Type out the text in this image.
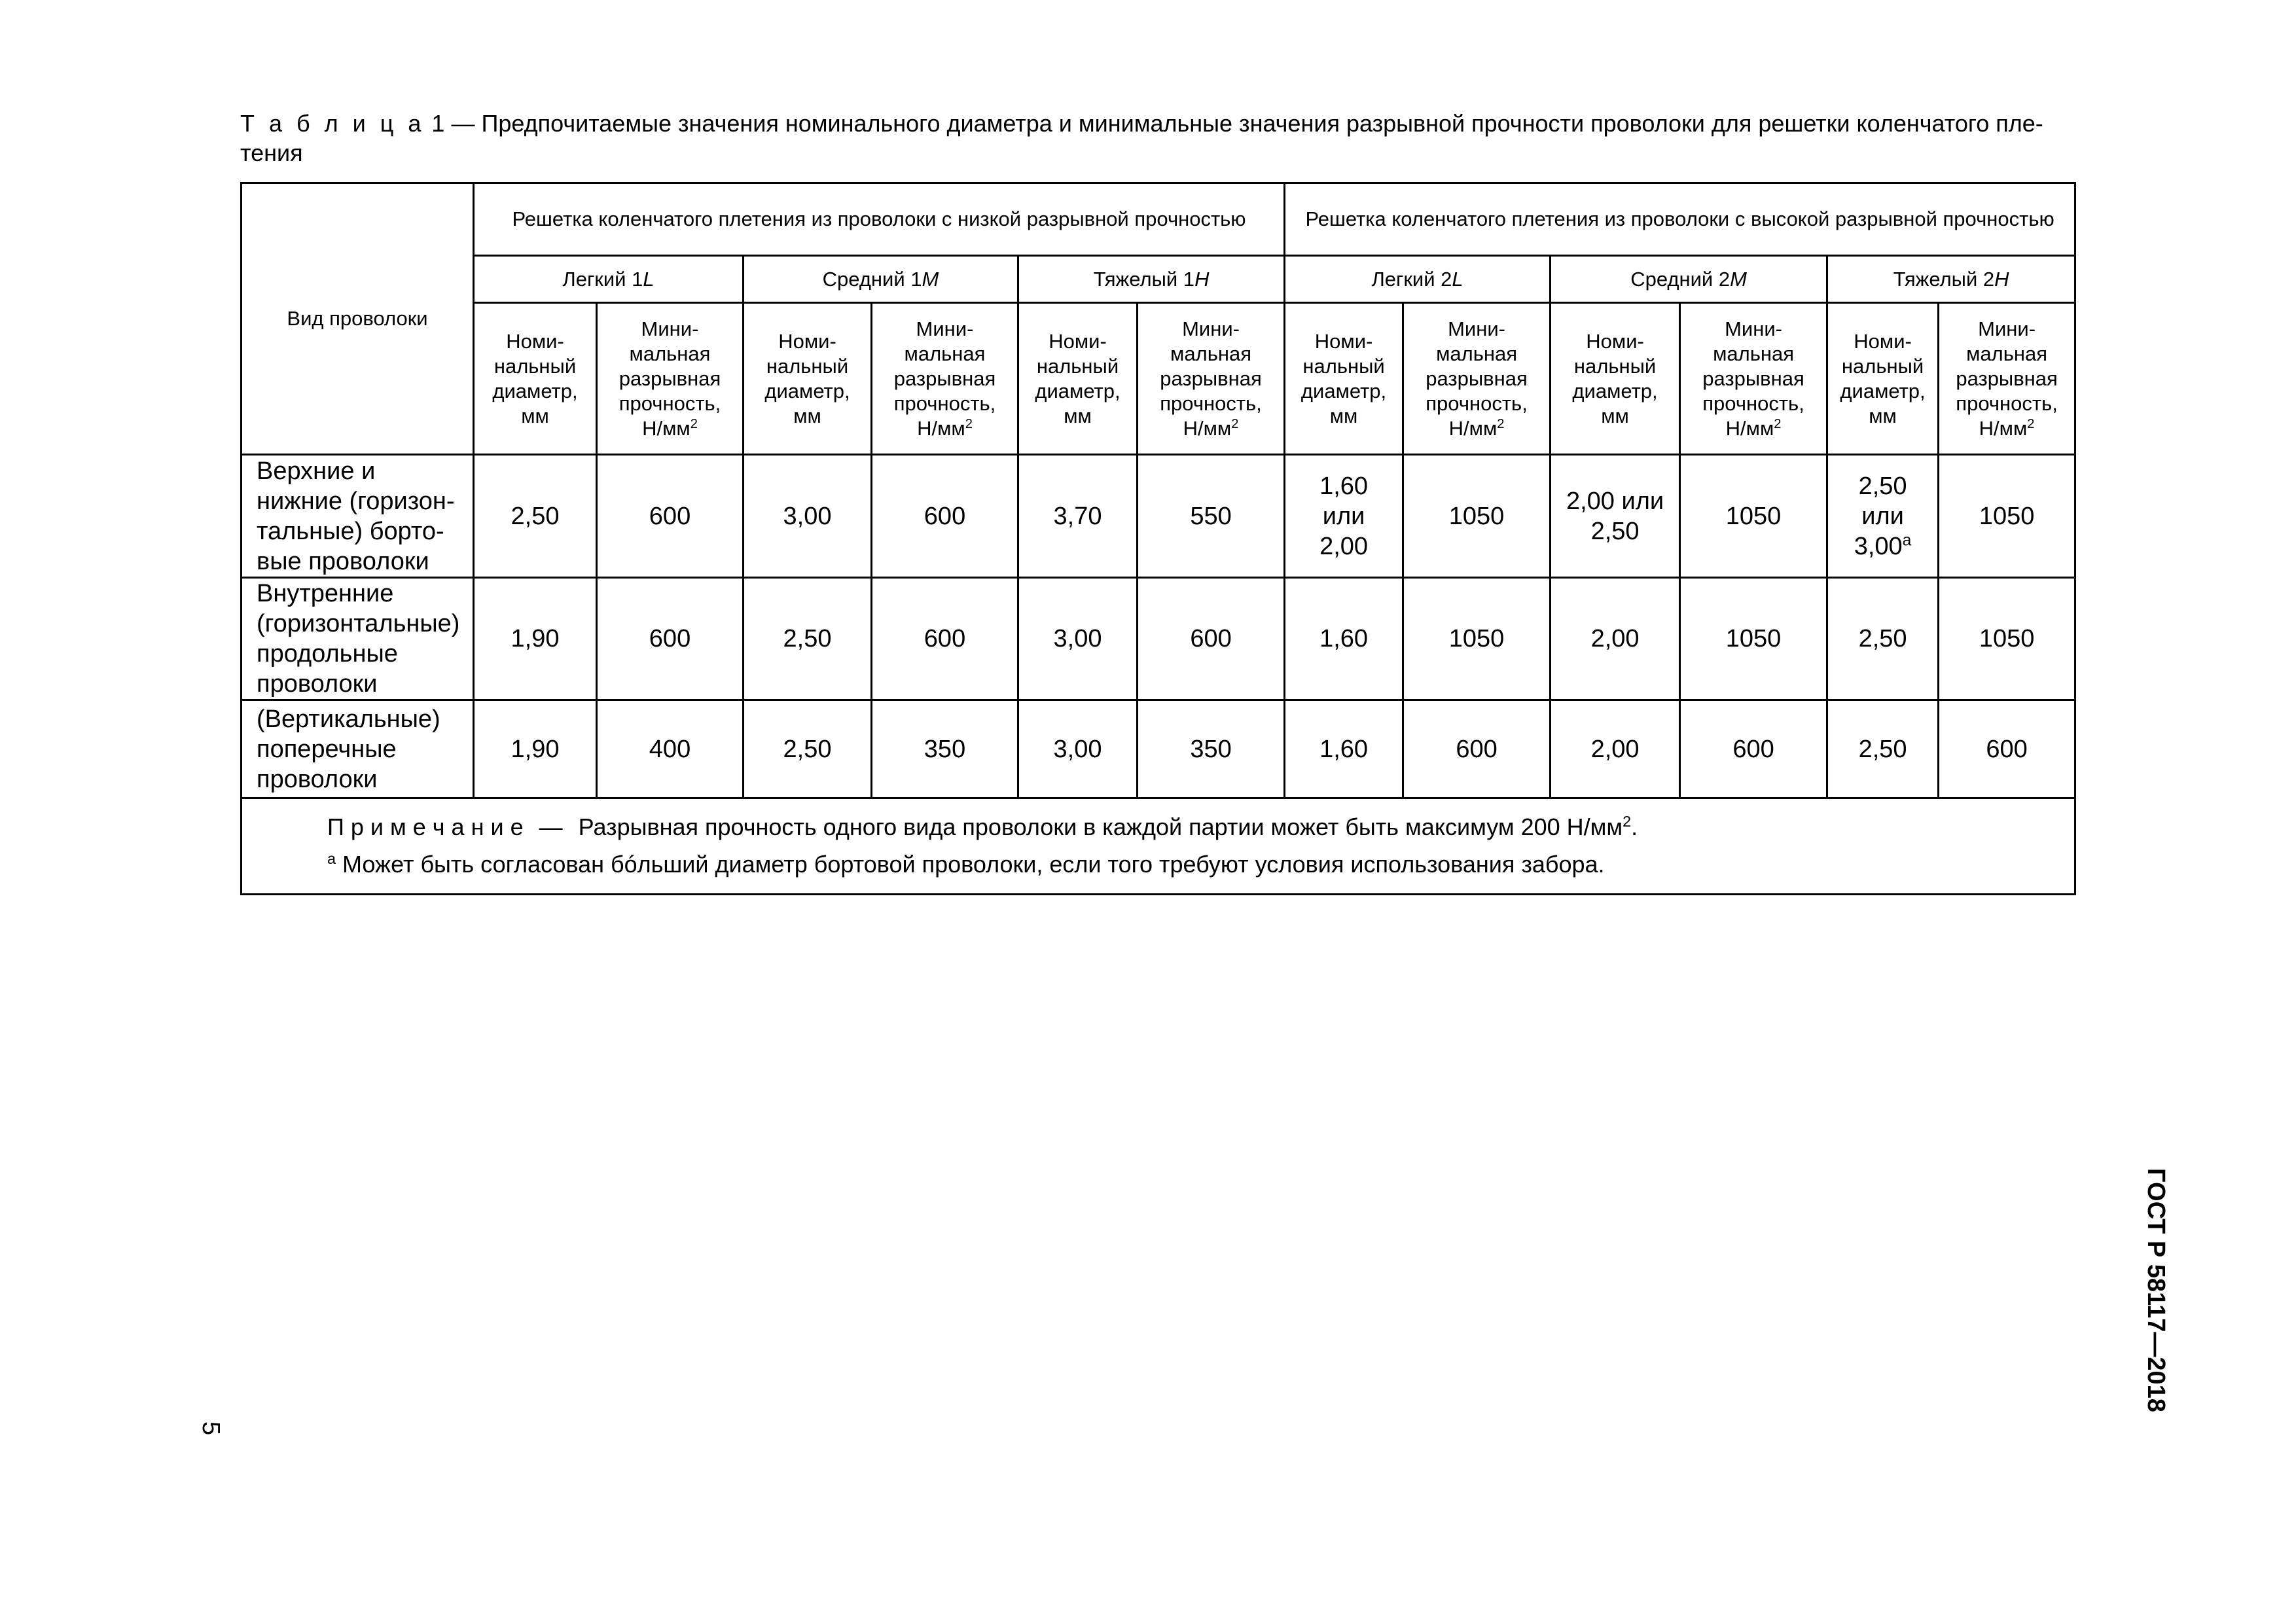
Т а б л и ц а 1 — Предпочитаемые значения номинального диаметра и минимальные значения разрывной прочности проволоки для решетки коленчатого пле-
тения
Вид проволоки	Решетка коленчатого плетения из проволоки с низкой разрывной прочностью						Решетка коленчатого плетения из проволоки с высокой разрывной прочностью					
	Легкий 1L		Средний 1M		Тяжелый 1H		Легкий 2L		Средний 2M		Тяжелый 2H	
	Номи-
нальный
диаметр,
мм	Мини-
мальная
разрывная
прочность,
$Н/мм^2$	Номи-
нальный
диаметр,
мм	Мини-
мальная
разрывная
прочность,
$Н/мм^2$	Номи-
нальный
диаметр,
мм	Мини-
мальная
разрывная
прочность,
$Н/мм^2$	Номи-
нальный
диаметр,
мм	Мини-
мальная
разрывная
прочность,
$Н/мм^2$	Номи-
нальный
диаметр,
мм	Мини-
мальная
разрывная
прочность,
$Н/мм^2$	Номи-
нальный
диаметр,
мм	Мини-
мальная
разрывная
прочность,
$Н/мм^2$
Верхние и
нижние (горизон-
тальные) борто-
вые проволоки	2,50	600	3,00	600	3,70	550	1,60
или
2,00	1050	2,00 или
2,50	1050	2,50
или
3,00$^a$	1050
Внутренние
(горизонтальные)
продольные
проволоки	1,90	600	2,50	600	3,00	600	1,60	1050	2,00	1050	2,50	1050
(Вертикальные)
поперечные
проволоки	1,90	400	2,50	350	3,00	350	1,60	600	2,00	600	2,50	600

П р и м е ч а н и е — Разрывная прочность одного вида проволоки в каждой партии может быть максимум 200 $Н/мм^2$.
$^а$ Может быть согласован бóльший диаметр бортовой проволоки, если того требуют условия использования забора.												
ГОСТ Р 58117—2018
5
